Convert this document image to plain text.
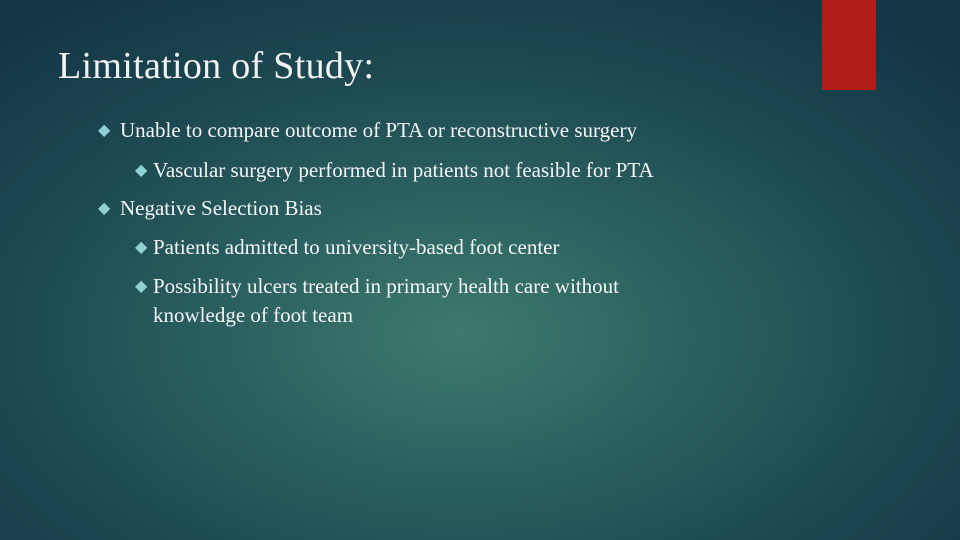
Limitation of Study:
◆ Unable to compare outcome of PTA or reconstructive surgery
◆ Vascular surgery performed in patients not feasible for PTA
◆ Negative Selection Bias
◆ Patients admitted to university-based foot center
◆ Possibility ulcers treated in primary health care without knowledge of foot team
